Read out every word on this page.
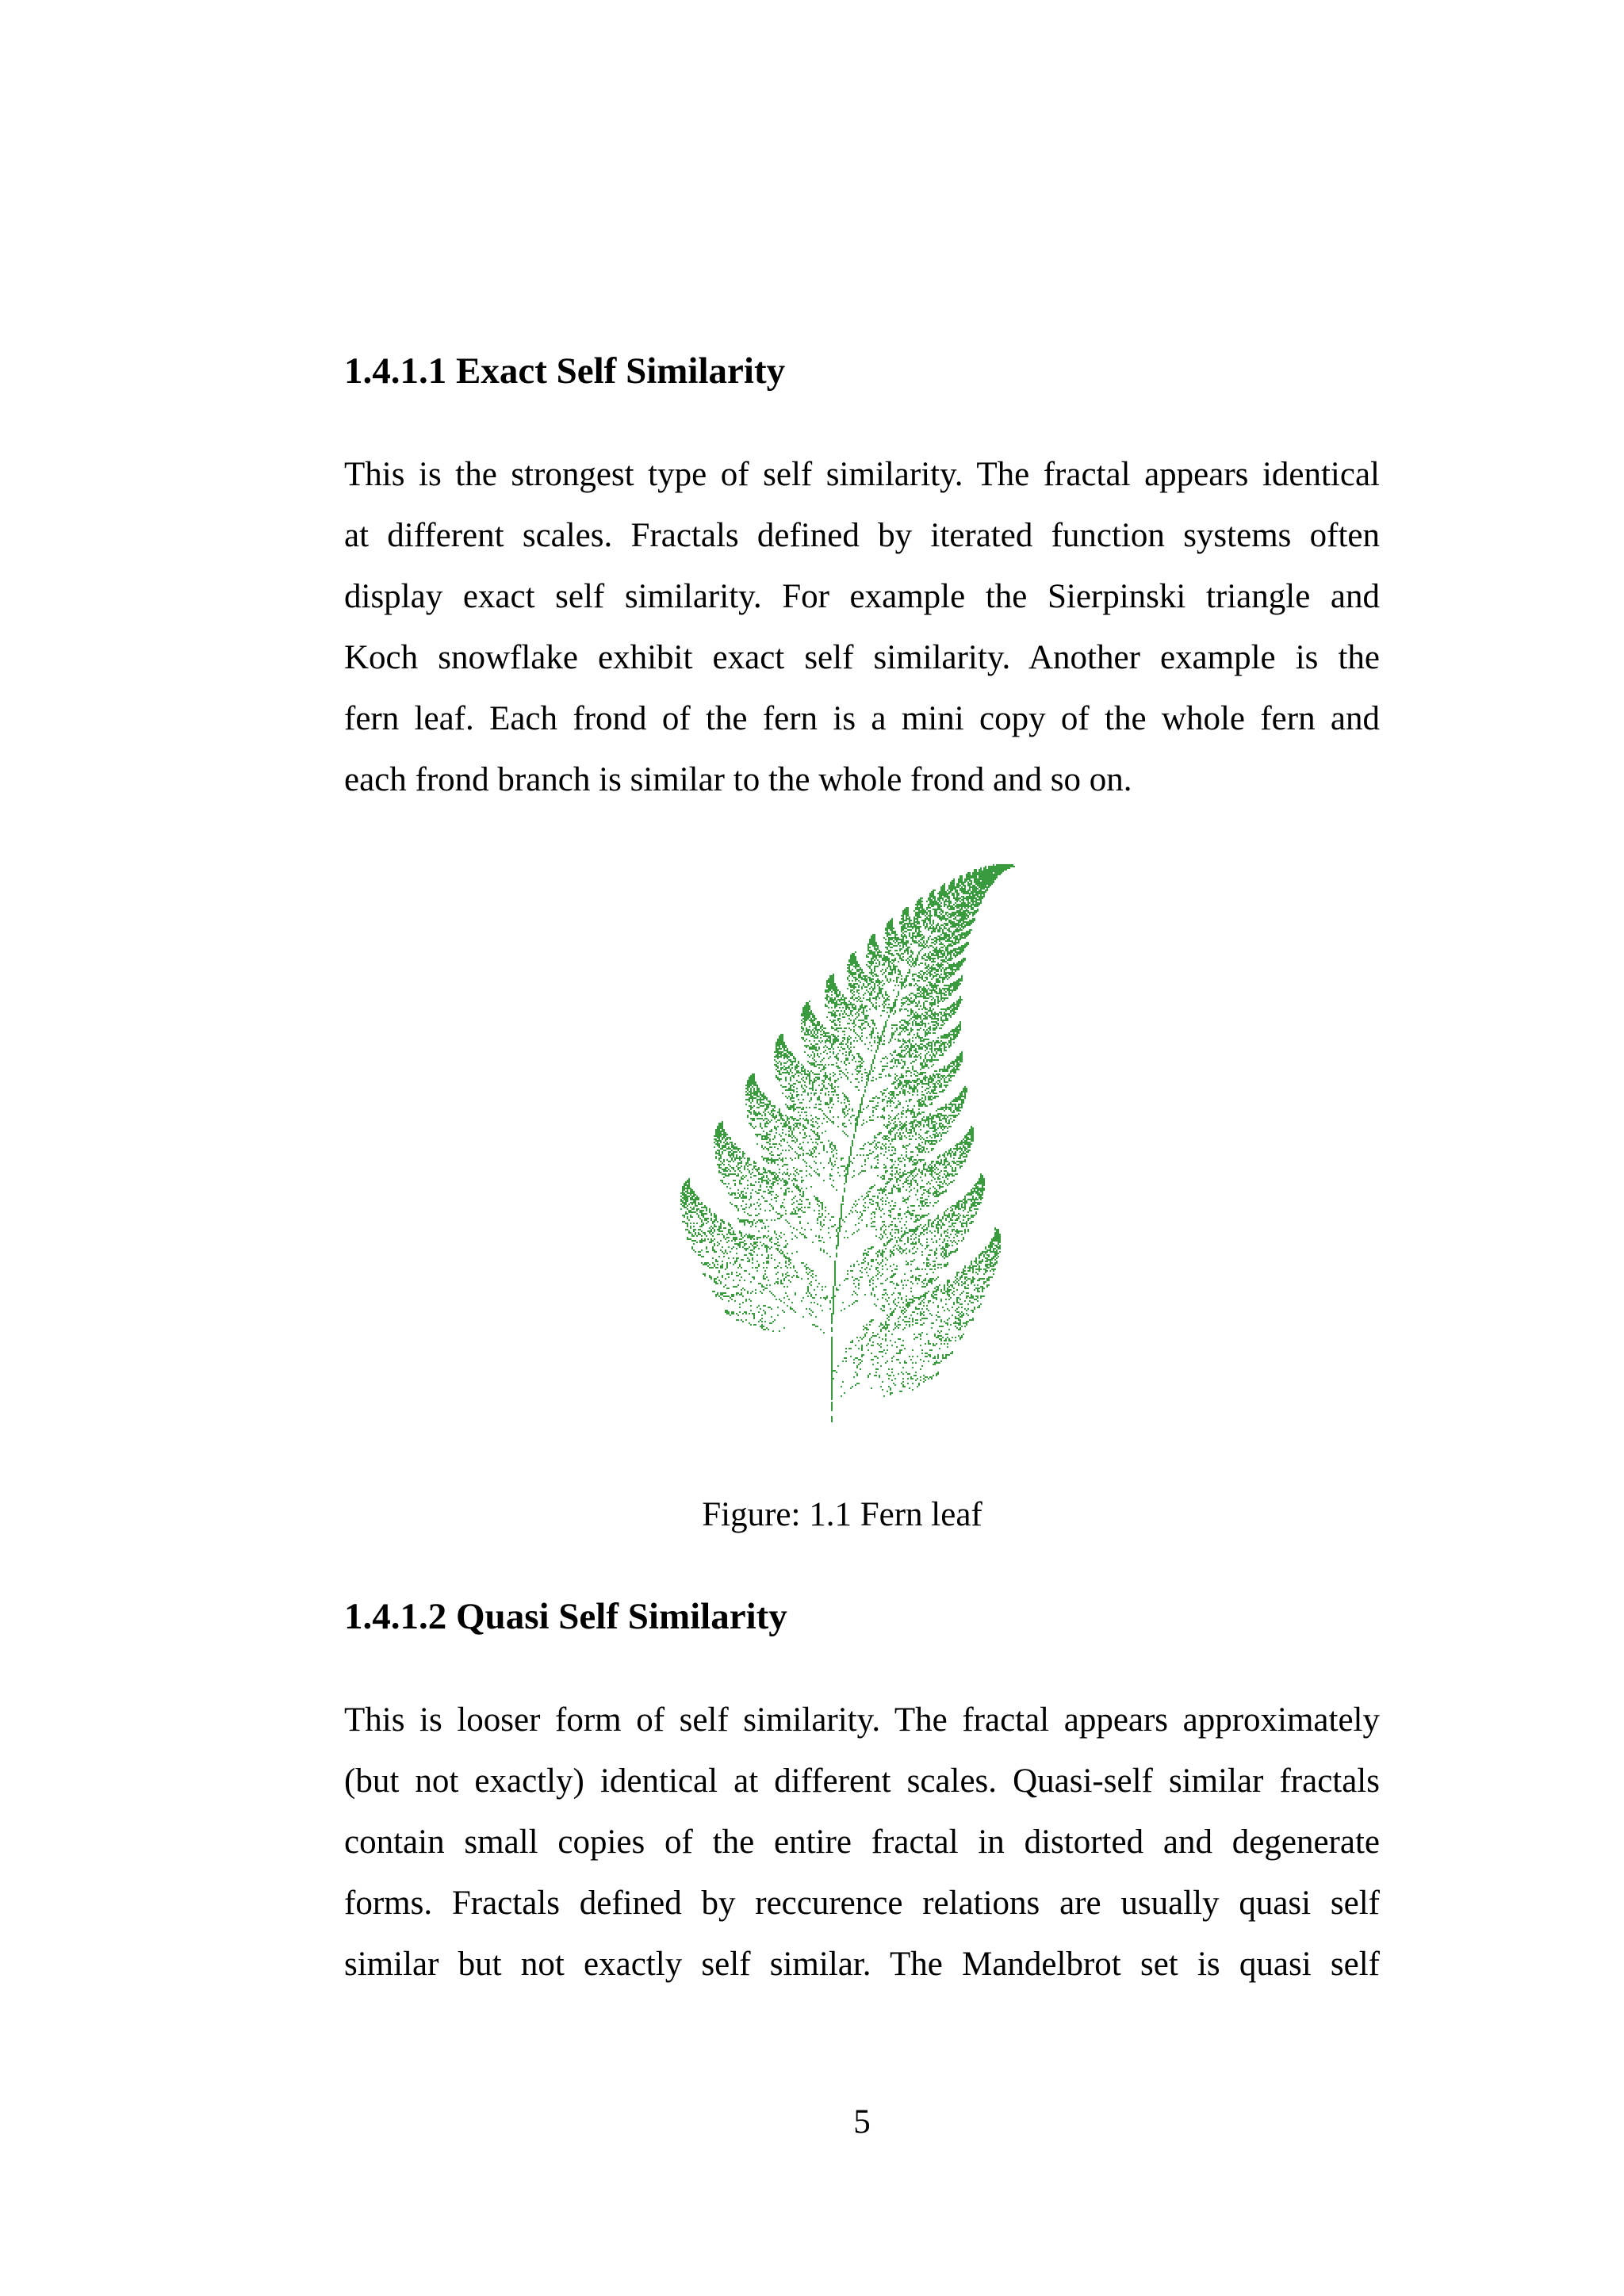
1.4.1.1 Exact Self Similarity
This is the strongest type of self similarity. The fractal appears identical
at different scales. Fractals defined by iterated function systems often
display exact self similarity. For example the Sierpinski triangle and
Koch snowflake exhibit exact self similarity. Another example is the
fern leaf. Each frond of the fern is a mini copy of the whole fern and
each frond branch is similar to the whole frond and so on.
Figure: 1.1 Fern leaf
1.4.1.2 Quasi Self Similarity
This is looser form of self similarity. The fractal appears approximately
(but not exactly) identical at different scales. Quasi-self similar fractals
contain small copies of the entire fractal in distorted and degenerate
forms. Fractals defined by reccurence relations are usually quasi self
similar but not exactly self similar. The Mandelbrot set is quasi self
5
